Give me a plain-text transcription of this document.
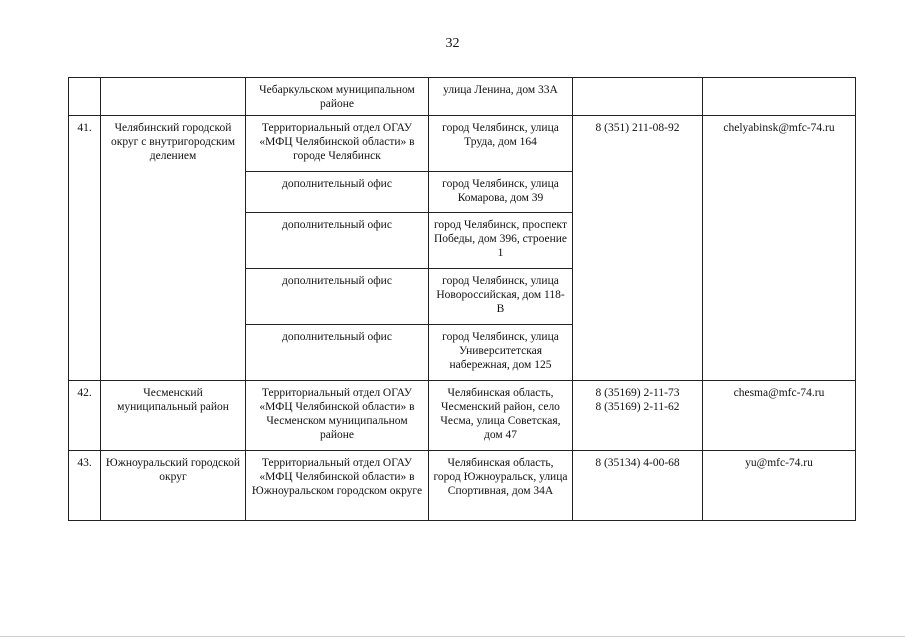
32
		Чебаркульском муниципальном районе	улица Ленина, дом 33А		
41.	Челябинский городской округ с внутригородским делением	Территориальный отдел ОГАУ «МФЦ Челябинской области» в городе Челябинск	город Челябинск, улица Труда, дом 164	8 (351) 211-08-92	chelyabinsk@mfc-74.ru
		дополнительный офис	город Челябинск, улица Комарова, дом 39		
		дополнительный офис	город Челябинск, проспект Победы, дом 396, строение 1		
		дополнительный офис	город Челябинск, улица Новороссийская, дом 118-В		
		дополнительный офис	город Челябинск, улица Университетская набережная, дом 125		
42.	Чесменский муниципальный район	Территориальный отдел ОГАУ «МФЦ Челябинской области» в Чесменском муниципальном районе	Челябинская область, Чесменский район, село Чесма, улица Советская, дом 47	8 (35169) 2-11-73
8 (35169) 2-11-62	chesma@mfc-74.ru
43.	Южноуральский городской округ	Территориальный отдел ОГАУ «МФЦ Челябинской области» в Южноуральском городском округе	Челябинская область, город Южноуральск, улица Спортивная, дом 34А	8 (35134) 4-00-68	yu@mfc-74.ru
